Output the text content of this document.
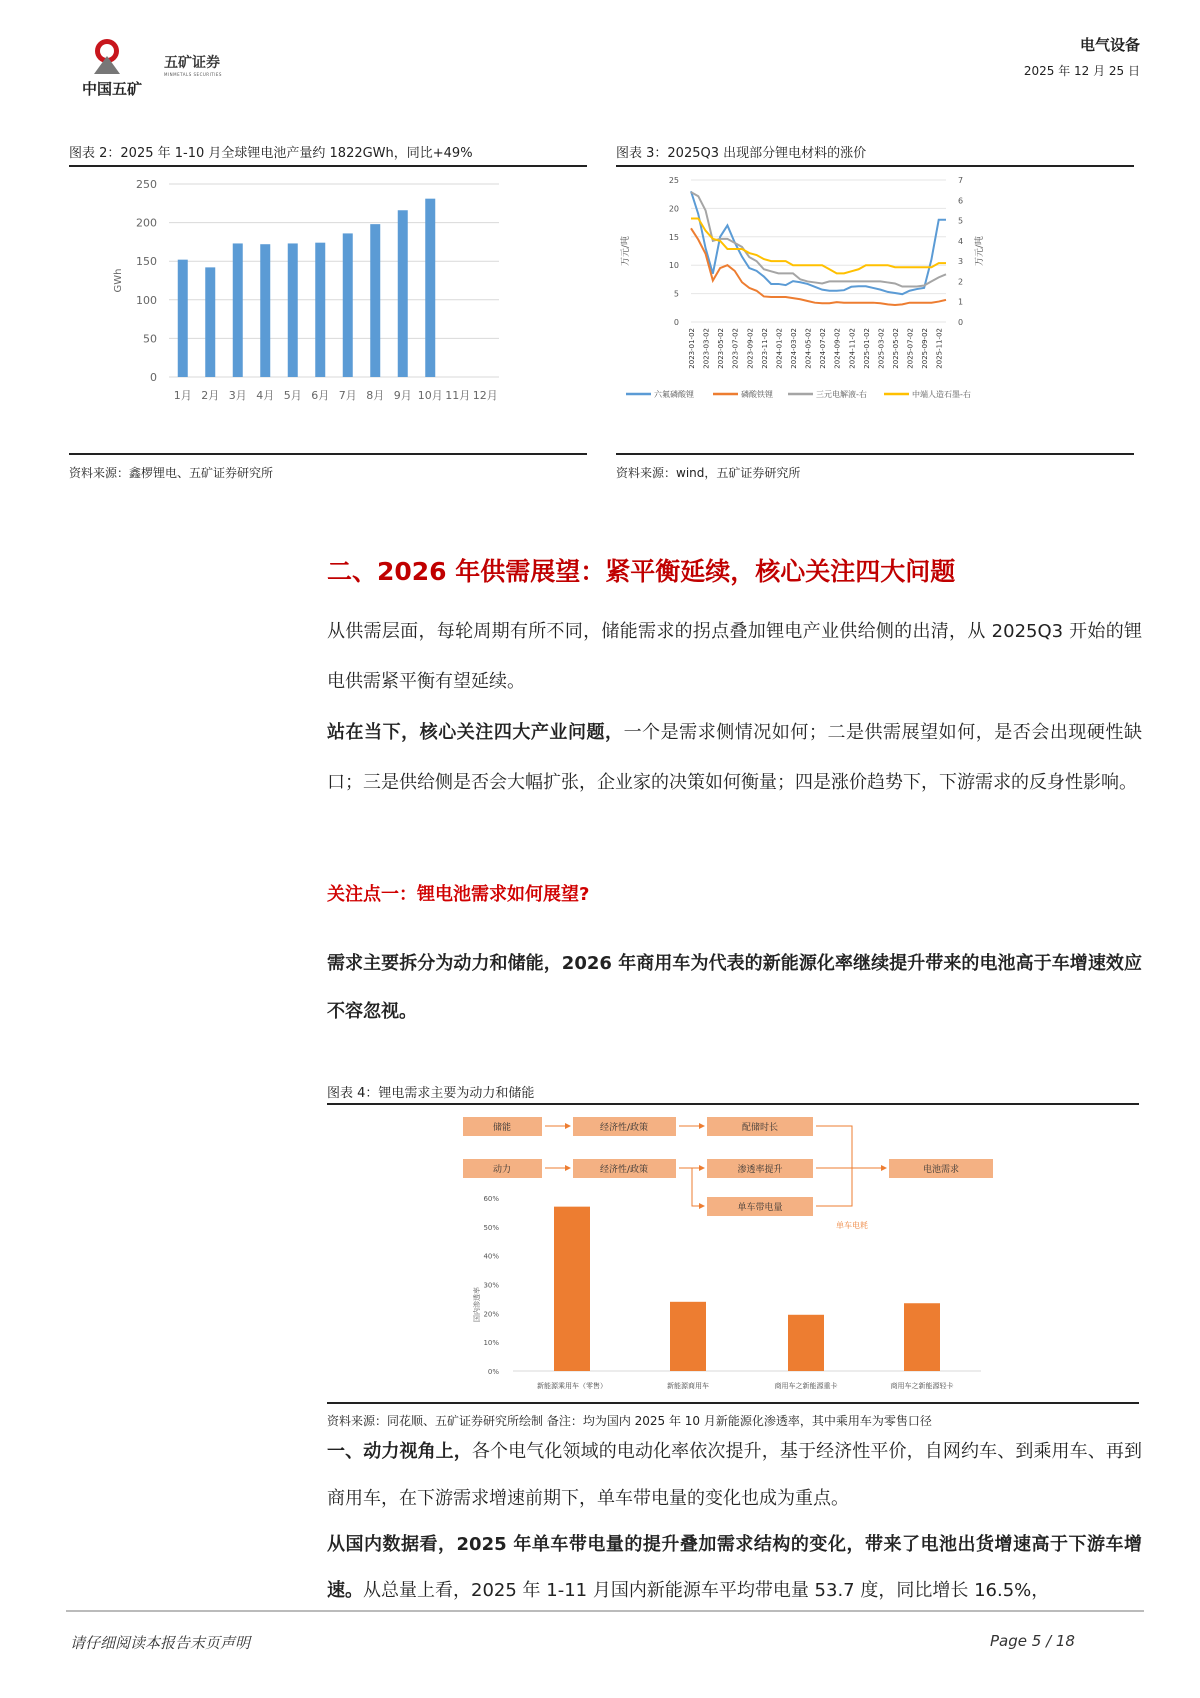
中国五矿
五矿证券
MINMETALS SECURITIES
电气设备
2025 年 12 月 25 日
图表 2：2025 年 1-10 月全球锂电池产量约 1822GWh，同比+49%
0
50
100
150
200
250
GWh
1月 2月 3月 4月 5月 6月 7月 8月 9月 10月 11月 12月
资料来源：鑫椤锂电、五矿证券研究所
图表 3：2025Q3 出现部分锂电材料的涨价
0
5
10
15
20
25
0
1
2
3
4
5
6
7
万元/吨	万元/吨
2023-01-02 2023-03-02 2023-05-02 2023-07-02 2023-09-02 2023-11-02 2024-01-02 2024-03-02 2024-05-02 2024-07-02 2024-09-02 2024-11-02 2025-01-02 2025-03-02 2025-05-02 2025-07-02 2025-09-02 2025-11-02
六氟磷酸锂	磷酸铁锂	三元电解液-右	中端人造石墨-右
资料来源：wind，五矿证券研究所
二、2026 年供需展望：紧平衡延续，核心关注四大问题
从供需层面，每轮周期有所不同，储能需求的拐点叠加锂电产业供给侧的出清，从 2025Q3 开始的锂电供需紧平衡有望延续。
站在当下，核心关注四大产业问题，一个是需求侧情况如何；二是供需展望如何，是否会出现硬性缺口；三是供给侧是否会大幅扩张，企业家的决策如何衡量；四是涨价趋势下，下游需求的反身性影响。
关注点一：锂电池需求如何展望?
需求主要拆分为动力和储能，2026 年商用车为代表的新能源化率继续提升带来的电池高于车增速效应不容忽视。
图表 4：锂电需求主要为动力和储能
储能	经济性/政策	配储时长
动力	经济性/政策	渗透率提升
单车带电量
电池需求
单车电耗
0%
10%
20%
30%
40%
50%
60%
国内渗透率
新能源乘用车（零售）	新能源商用车	商用车之新能源重卡	商用车之新能源轻卡
资料来源：同花顺、五矿证券研究所绘制 备注：均为国内 2025 年 10 月新能源化渗透率，其中乘用车为零售口径
一、动力视角上，各个电气化领域的电动化率依次提升，基于经济性平价，自网约车、到乘用车、再到商用车，在下游需求增速前期下，单车带电量的变化也成为重点。
从国内数据看，2025 年单车带电量的提升叠加需求结构的变化，带来了电池出货增速高于下游车增速。从总量上看，2025 年 1-11 月国内新能源车平均带电量 53.7 度，同比增长 16.5%，
请仔细阅读本报告末页声明	Page 5 / 18
